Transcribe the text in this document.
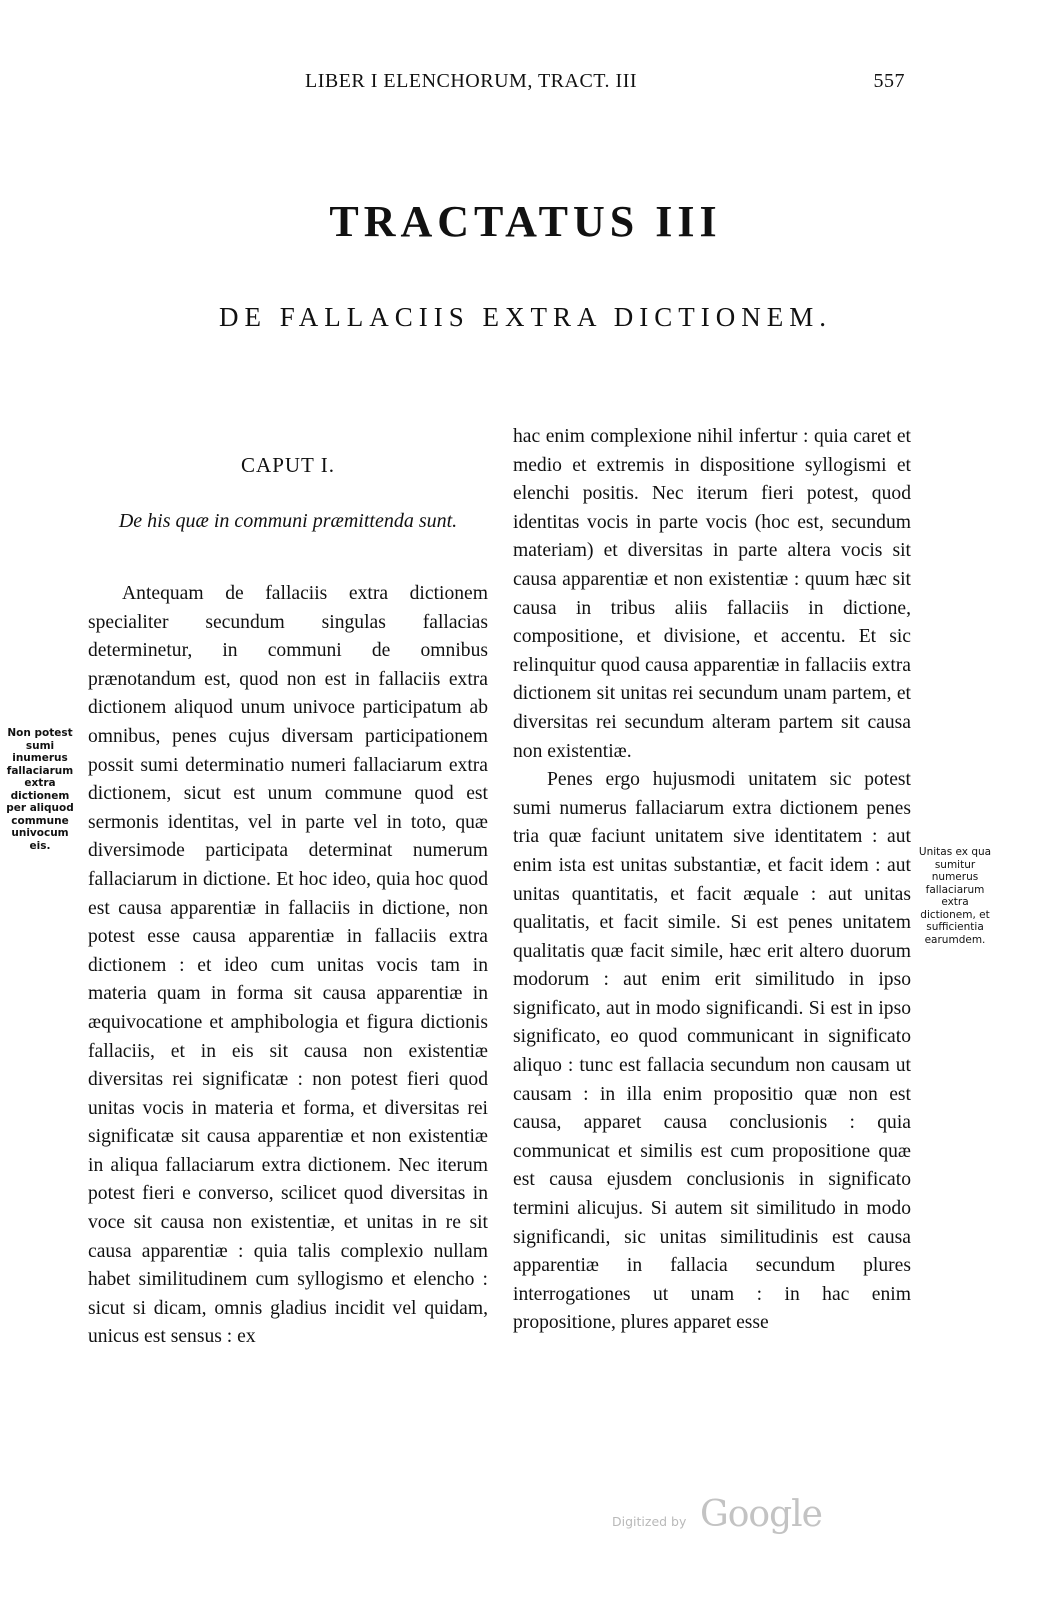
LIBER I ELENCHORUM, TRACT. III	557
TRACTATUS III
DE FALLACIIS EXTRA DICTIONEM.
CAPUT I.
De his quæ in communi præmittenda sunt.
Non potest sumi inumerus fallaciarum extra dictionem per aliquod commune univocum eis.

Antequam de fallaciis extra dictionem specialiter secundum singulas fallacias determinetur, in communi de omnibus prænotandum est, quod non est in fallaciis extra dictionem aliquod unum univoce participatum ab omnibus, penes cujus diversam participationem possit sumi determinatio numeri fallaciarum extra dictionem, sicut est unum commune quod est sermonis identitas, vel in parte vel in toto, quæ diversimode participata determinat numerum fallaciarum in dictione. Et hoc ideo, quia hoc quod est causa apparentiæ in fallaciis in dictione, non potest esse causa apparentiæ in fallaciis extra dictionem : et ideo cum unitas vocis tam in materia quam in forma sit causa apparentiæ in æquivocatione et amphibologia et figura dictionis fallaciis, et in eis sit causa non existentiæ diversitas rei significatæ : non potest fieri quod unitas vocis in materia et forma, et diversitas rei significatæ sit causa apparentiæ et non existentiæ in aliqua fallaciarum extra dictionem. Nec iterum potest fieri e converso, scilicet quod diversitas in voce sit causa non existentiæ, et unitas in re sit causa apparentiæ : quia talis complexio nullam habet similitudinem cum syllogismo et elencho : sicut si dicam, omnis gladius incidit vel quidam, unicus est sensus : ex

hac enim complexione nihil infertur : quia caret et medio et extremis in dispositione syllogismi et elenchi positis. Nec iterum fieri potest, quod identitas vocis in parte vocis (hoc est, secundum materiam) et diversitas in parte altera vocis sit causa apparentiæ et non existentiæ : quum hæc sit causa in tribus aliis fallaciis in dictione, compositione, et divisione, et accentu. Et sic relinquitur quod causa apparentiæ in fallaciis extra dictionem sit unitas rei secundum unam partem, et diversitas rei secundum alteram partem sit causa non existentiæ.

Penes ergo hujusmodi unitatem sic potest sumi numerus fallaciarum extra dictionem penes tria quæ faciunt unitatem sive identitatem : aut enim ista est unitas substantiæ, et facit idem : aut unitas quantitatis, et facit æquale : aut unitas qualitatis, et facit simile. Si est penes unitatem qualitatis quæ facit simile, hæc erit altero duorum modorum : aut enim erit similitudo in ipso significato, aut in modo significandi. Si est in ipso significato, eo quod communicant in significato aliquo : tunc est fallacia secundum non causam ut causam : in illa enim propositio quæ non est causa, apparet causa conclusionis : quia communicat et similis est cum propositione quæ est causa ejusdem conclusionis in significato termini alicujus. Si autem sit similitudo in modo significandi, sic unitas similitudinis est causa apparentiæ in fallacia secundum plures interrogationes ut unam : in hac enim propositione, plures apparet esse

Unitas ex qua sumitur numerus fallaciarum extra dictionem, et sufficientia earumdem.
Digitized by Google
